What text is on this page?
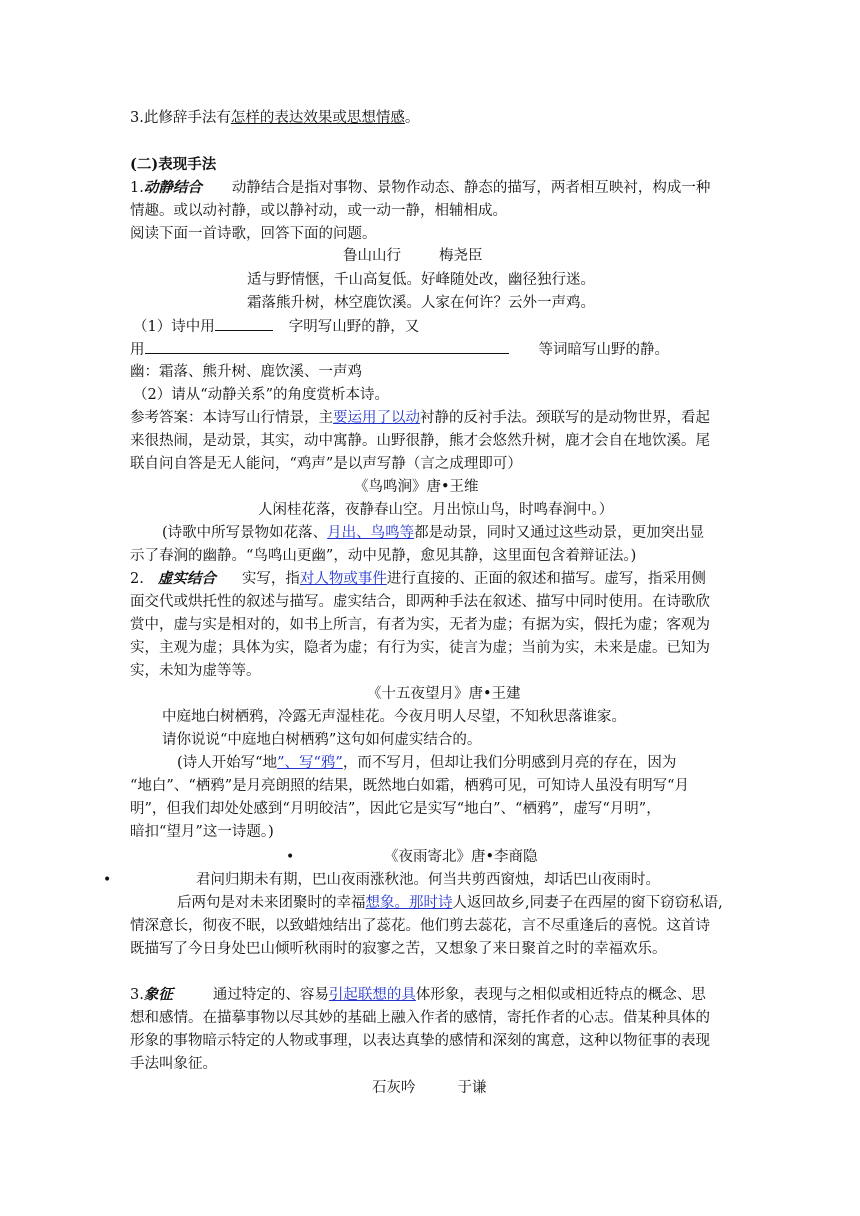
3.此修辞手法有怎样的表达效果或思想情感。
(二)表现手法
1.动静结合 动静结合是指对事物、景物作动态、静态的描写，两者相互映衬，构成一种
情趣。或以动衬静，或以静衬动，或一动一静，相辅相成。
阅读下面一首诗歌，回答下面的问题。
鲁山山行	梅尧臣
适与野情惬，千山高复低。好峰随处改，幽径独行迷。
霜落熊升树，林空鹿饮溪。人家在何许？云外一声鸡。
（1）诗中用	字明写山野的静，又
用	等词暗写山野的静。
幽：霜落、熊升树、鹿饮溪、一声鸡
（2）请从“动静关系”的角度赏析本诗。
参考答案：本诗写山行情景，主要运用了以动衬静的反衬手法。颈联写的是动物世界，看起
来很热闹，是动景，其实，动中寓静。山野很静，熊才会悠然升树，鹿才会自在地饮溪。尾
联自问自答是无人能问，“鸡声”是以声写静（言之成理即可）
《鸟鸣涧》唐•王维
人闲桂花落，夜静春山空。月出惊山鸟，时鸣春涧中。）
(诗歌中所写景物如花落、月出、鸟鸣等都是动景，同时又通过这些动景，更加突出显
示了春涧的幽静。“鸟鸣山更幽”，动中见静，愈见其静，这里面包含着辩证法。)
2. 虚实结合 实写，指对人物或事件进行直接的、正面的叙述和描写。虚写，指采用侧
面交代或烘托性的叙述与描写。虚实结合，即两种手法在叙述、描写中同时使用。在诗歌欣
赏中，虚与实是相对的，如书上所言，有者为实，无者为虚；有据为实，假托为虚；客观为
实，主观为虚；具体为实，隐者为虚；有行为实，徒言为虚；当前为实，未来是虚。已知为
实，未知为虚等等。
《十五夜望月》唐•王建
中庭地白树栖鸦，冷露无声湿桂花。今夜月明人尽望，不知秋思落谁家。
请你说说“中庭地白树栖鸦”这句如何虚实结合的。
(诗人开始写“地”、写“鸦”，而不写月，但却让我们分明感到月亮的存在，因为
“地白”、“栖鸦”是月亮朗照的结果，既然地白如霜，栖鸦可见，可知诗人虽没有明写“月
明”，但我们却处处感到“月明皎洁”，因此它是实写“地白”、“栖鸦”，虚写“月明”，
暗扣“望月”这一诗题。)
•	《夜雨寄北》唐•李商隐
•	君问归期未有期，巴山夜雨涨秋池。何当共剪西窗烛，却话巴山夜雨时。
后两句是对未来团聚时的幸福想象。那时诗人返回故乡,同妻子在西屋的窗下窃窃私语,
情深意长，彻夜不眠，以致蜡烛结出了蕊花。他们剪去蕊花，言不尽重逢后的喜悦。这首诗
既描写了今日身处巴山倾听秋雨时的寂寥之苦，又想象了来日聚首之时的幸福欢乐。
3.象征	通过特定的、容易引起联想的具体形象，表现与之相似或相近特点的概念、思
想和感情。在描摹事物以尽其妙的基础上融入作者的感情，寄托作者的心志。借某种具体的
形象的事物暗示特定的人物或事理，以表达真挚的感情和深刻的寓意，这种以物征事的表现
手法叫象征。
石灰吟	于谦
